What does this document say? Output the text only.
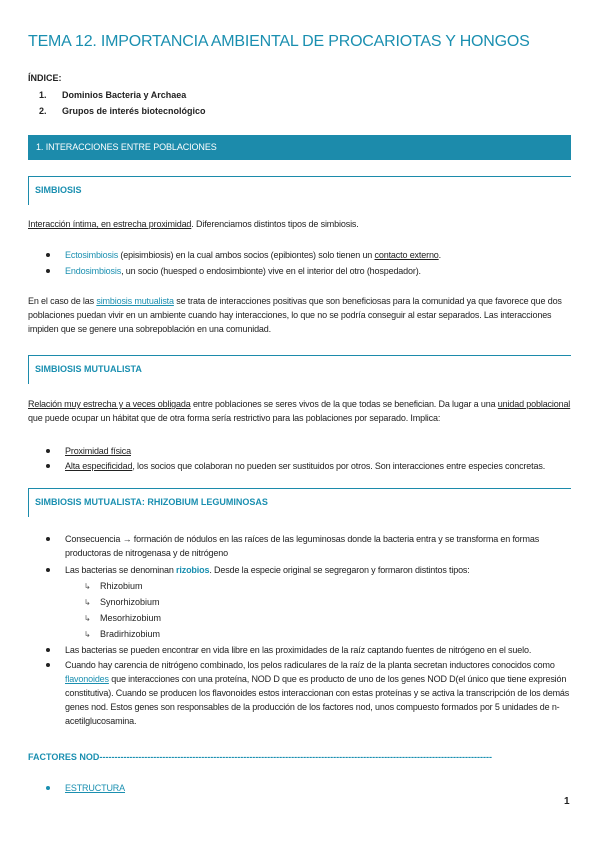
TEMA 12. IMPORTANCIA AMBIENTAL DE PROCARIOTAS Y HONGOS
ÍNDICE:
1. Dominios Bacteria y Archaea
2. Grupos de interés biotecnológico
1. INTERACCIONES ENTRE POBLACIONES
SIMBIOSIS
Interacción íntima, en estrecha proximidad. Diferenciamos distintos tipos de simbiosis.
Ectosimbiosis (episimbiosis) en la cual ambos socios (epibiontes) solo tienen un contacto externo.
Endosimbiosis, un socio (huesped o endosimbionte) vive en el interior del otro (hospedador).
En el caso de las simbiosis mutualista se trata de interacciones positivas que son beneficiosas para la comunidad ya que favorece que dos poblaciones puedan vivir en un ambiente cuando hay interacciones, lo que no se podría conseguir al estar separados. Las interacciones impiden que se genere una sobrepoblación en una comunidad.
SIMBIOSIS MUTUALISTA
Relación muy estrecha y a veces obligada entre poblaciones se seres vivos de la que todas se benefician. Da lugar a una unidad poblacional que puede ocupar un hábitat que de otra forma sería restrictivo para las poblaciones por separado. Implica:
Proximidad física
Alta especificidad, los socios que colaboran no pueden ser sustituidos por otros. Son interacciones entre especies concretas.
SIMBIOSIS MUTUALISTA: RHIZOBIUM LEGUMINOSAS
Consecuencia → formación de nódulos en las raíces de las leguminosas donde la bacteria entra y se transforma en formas productoras de nitrogenasa y de nitrógeno
Las bacterias se denominan rizobios. Desde la especie original se segregaron y formaron distintos tipos:
↳ Rhizobium
↳ Synorhizobium
↳ Mesorhizobium
↳ Bradirhizobium
Las bacterias se pueden encontrar en vida libre en las proximidades de la raíz captando fuentes de nitrógeno en el suelo.
Cuando hay carencia de nitrógeno combinado, los pelos radiculares de la raíz de la planta secretan inductores conocidos como flavonoides que interacciones con una proteína, NOD D que es producto de uno de los genes NOD D(el único que tiene expresión constitutiva). Cuando se producen los flavonoides estos interaccionan con estas proteínas y se activa la transcripción de los demás genes nod. Estos genes son responsables de la producción de los factores nod, unos compuesto formados por 5 unidades de n-acetilglucosamina.
FACTORES NOD-----------------------------------------------------------------------------------------------------------------------------------
ESTRUCTURA
1
